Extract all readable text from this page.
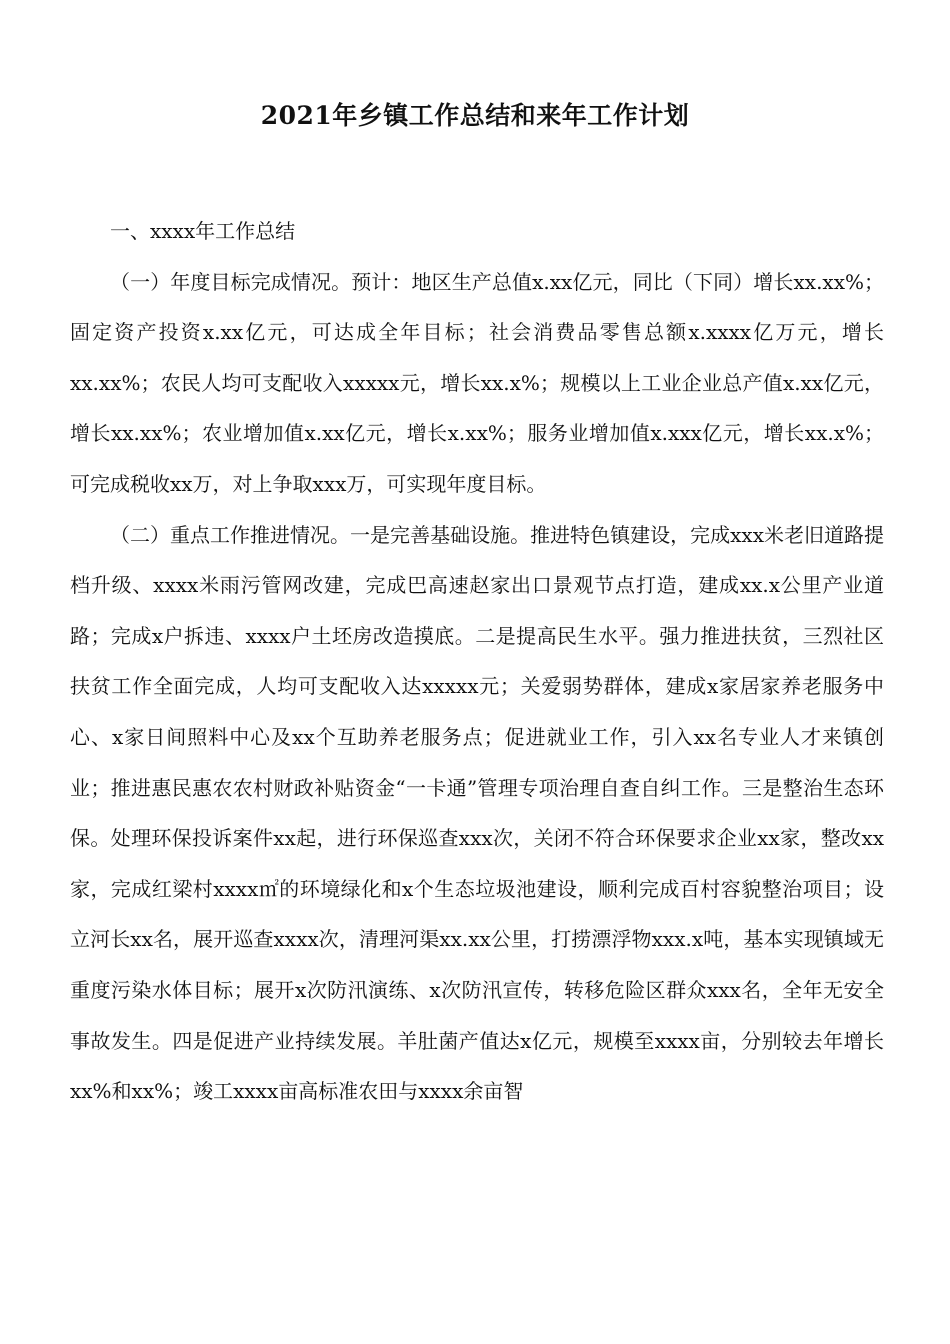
2021年乡镇工作总结和来年工作计划

一、xxxx年工作总结

（一）年度目标完成情况。预计：地区生产总值x.xx亿元，同比（下同）增长xx.xx%；固定资产投资x.xx亿元，可达成全年目标；社会消费品零售总额x.xxxx亿万元，增长xx.xx%；农民人均可支配收入xxxxx元，增长xx.x%；规模以上工业企业总产值x.xx亿元，增长xx.xx%；农业增加值x.xx亿元，增长x.xx%；服务业增加值x.xxx亿元，增长xx.x%；可完成税收xx万，对上争取xxx万，可实现年度目标。

（二）重点工作推进情况。一是完善基础设施。推进特色镇建设，完成xxx米老旧道路提档升级、xxxx米雨污管网改建，完成巴高速赵家出口景观节点打造，建成xx.x公里产业道路；完成x户拆违、xxxx户土坯房改造摸底。二是提高民生水平。强力推进扶贫，三烈社区扶贫工作全面完成，人均可支配收入达xxxxx元；关爱弱势群体，建成x家居家养老服务中心、x家日间照料中心及xx个互助养老服务点；促进就业工作，引入xx名专业人才来镇创业；推进惠民惠农农村财政补贴资金“一卡通”管理专项治理自查自纠工作。三是整治生态环保。处理环保投诉案件xx起，进行环保巡查xxx次，关闭不符合环保要求企业xx家，整改xx家，完成红梁村xxxx㎡的环境绿化和x个生态垃圾池建设，顺利完成百村容貌整治项目；设立河长xx名，展开巡查xxxx次，清理河渠xx.xx公里，打捞漂浮物xxx.x吨，基本实现镇域无重度污染水体目标；展开x次防汛演练、x次防汛宣传，转移危险区群众xxx名，全年无安全事故发生。四是促进产业持续发展。羊肚菌产值达x亿元，规模至xxxx亩，分别较去年增长xx%和xx%；竣工xxxx亩高标准农田与xxxx余亩智
